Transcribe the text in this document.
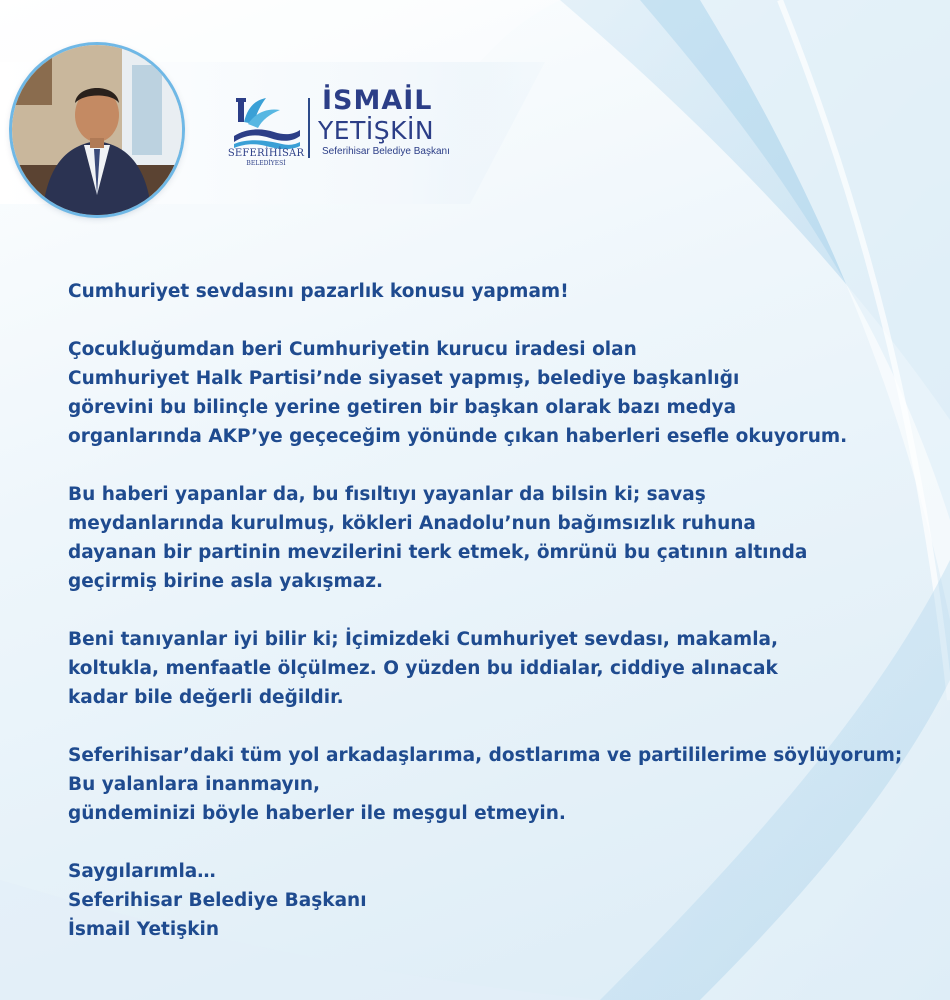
SEFERİHİSAR
BELEDİYESİ
İSMAİL
YETİŞKİN
Seferihisar Belediye Başkanı

Cumhuriyet sevdasını pazarlık konusu yapmam!

Çocukluğumdan beri Cumhuriyetin kurucu iradesi olan
Cumhuriyet Halk Partisi’nde siyaset yapmış, belediye başkanlığı
görevini bu bilinçle yerine getiren bir başkan olarak bazı medya
organlarında AKP’ye geçeceğim yönünde çıkan haberleri esefle okuyorum.

Bu haberi yapanlar da, bu fısıltıyı yayanlar da bilsin ki; savaş
meydanlarında kurulmuş, kökleri Anadolu’nun bağımsızlık ruhuna
dayanan bir partinin mevzilerini terk etmek, ömrünü bu çatının altında
geçirmiş birine asla yakışmaz.

Beni tanıyanlar iyi bilir ki; İçimizdeki Cumhuriyet sevdası, makamla,
koltukla, menfaatle ölçülmez. O yüzden bu iddialar, ciddiye alınacak
kadar bile değerli değildir.

Seferihisar’daki tüm yol arkadaşlarıma, dostlarıma ve partililerime söylüyorum;
Bu yalanlara inanmayın,
gündeminizi böyle haberler ile meşgul etmeyin.

Saygılarımla…
Seferihisar Belediye Başkanı
İsmail Yetişkin
